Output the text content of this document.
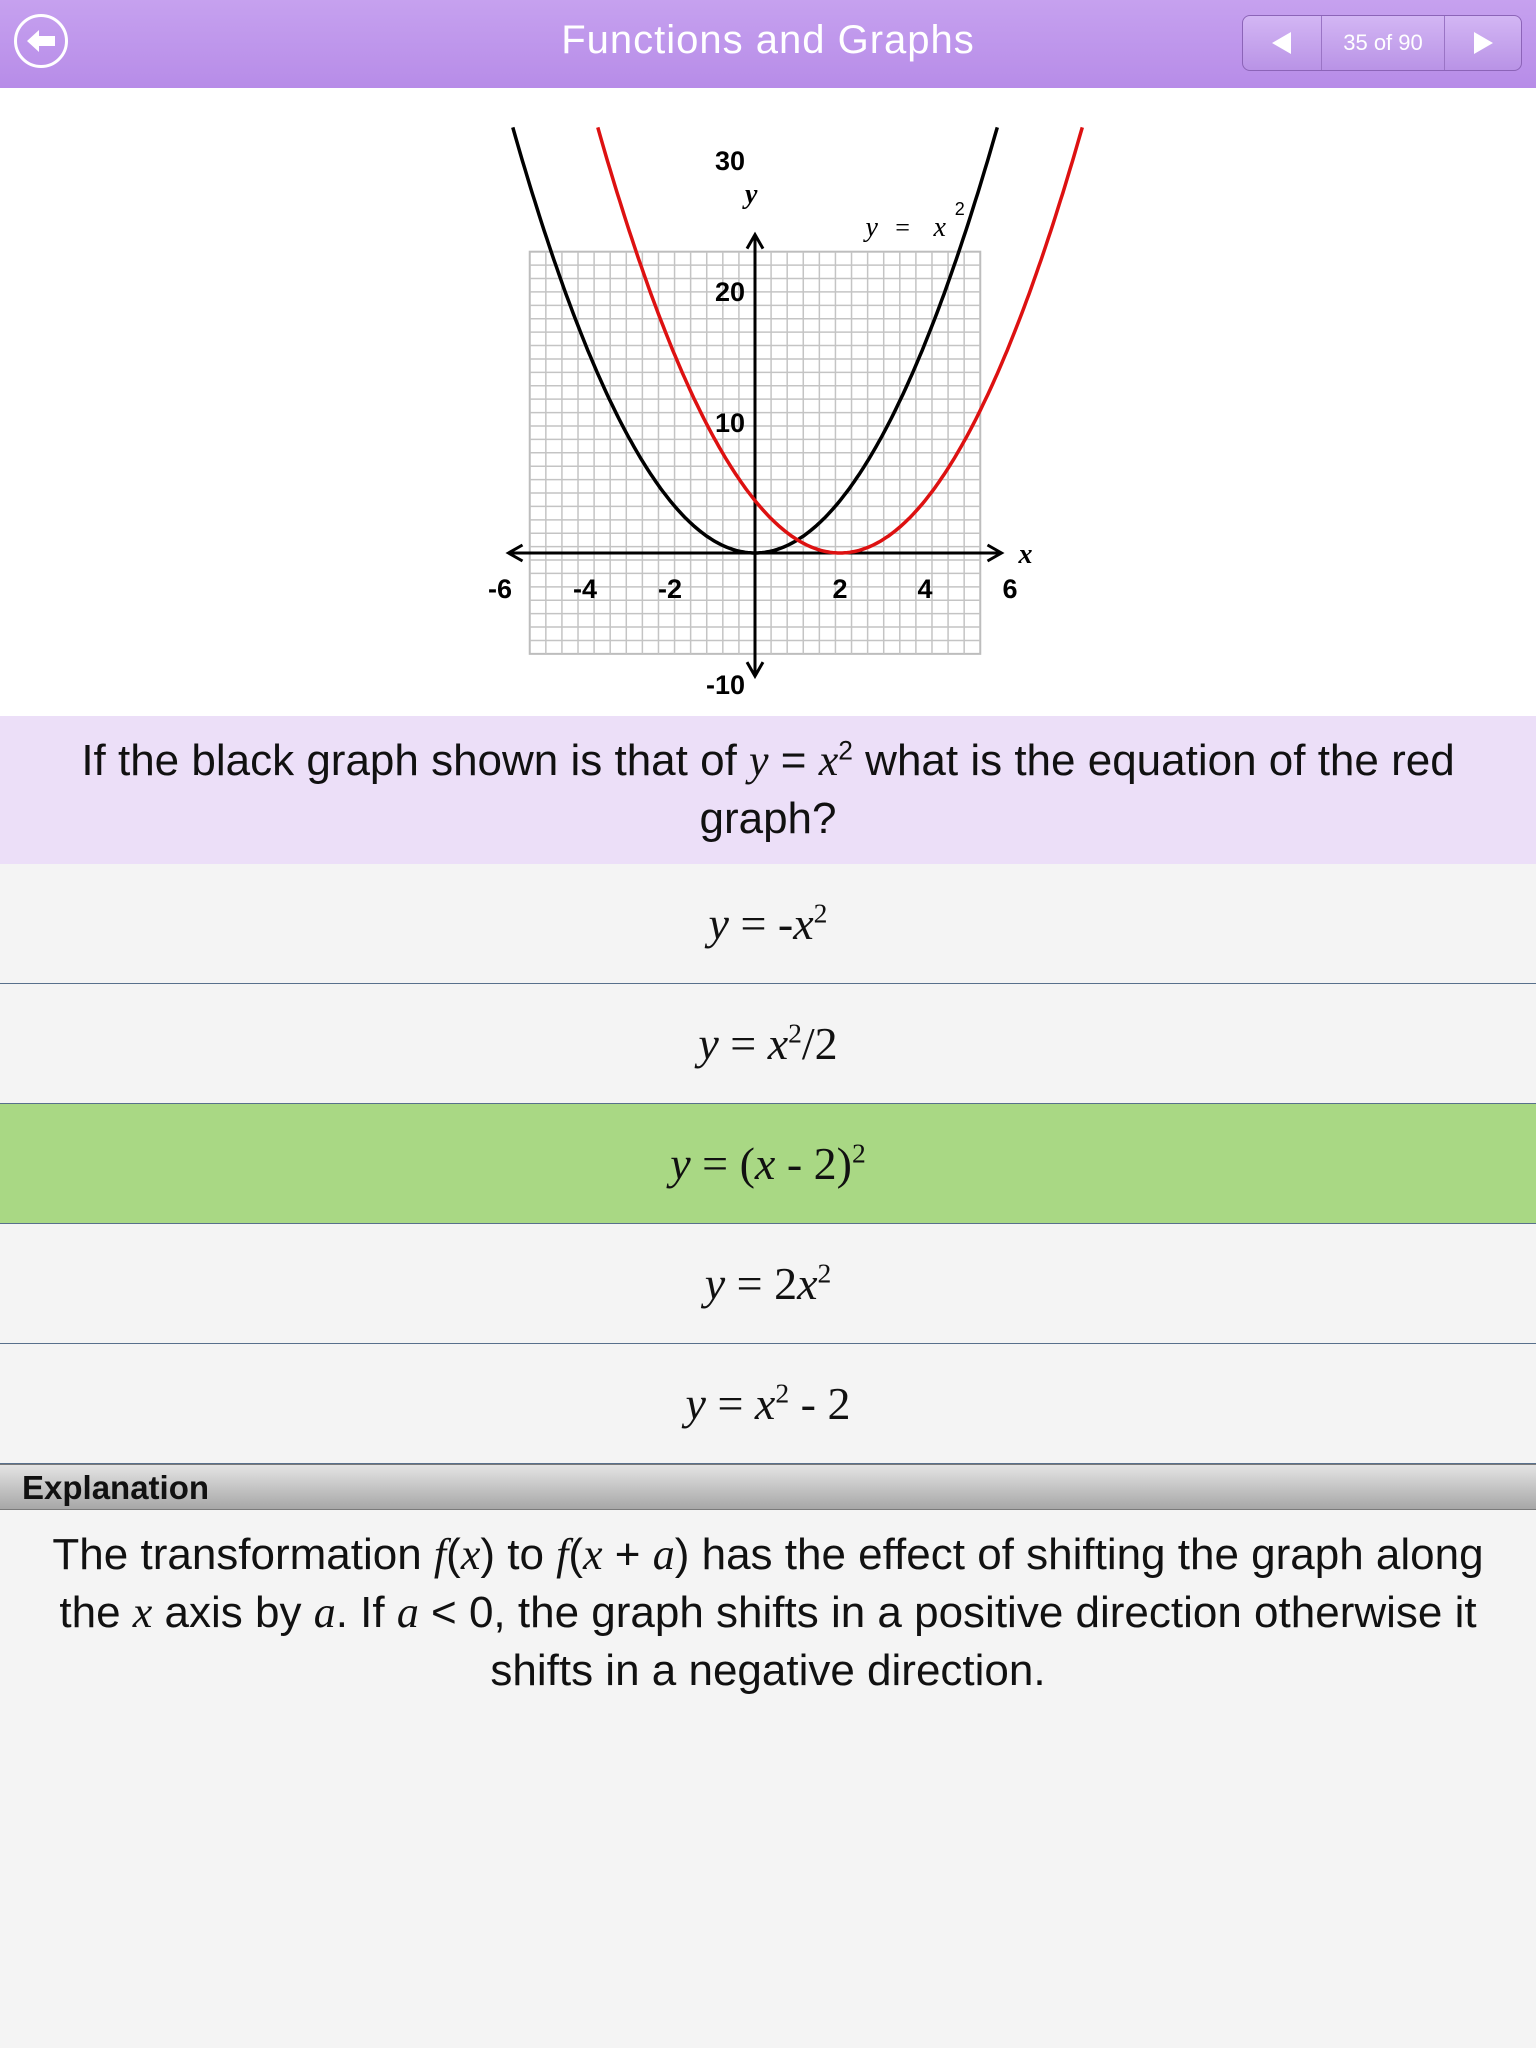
Functions and Graphs	35 of 90
x
y
-6 -4 -2	2	4	6
30
20
10
-10
y = x
2
If the black graph shown is that of $y = x^2$ what is the equation of the red graph?
$y = -x^2$
$y = x^2/2$
y = (x - 2)$^2$
$y = 2x^2$
$y = x^2 - 2$
Explanation
The transformation f(x) to f(x + a) has the effect of shifting the graph along the x axis by a. If a < 0, the graph shifts in a positive direction otherwise it shifts in a negative direction.
